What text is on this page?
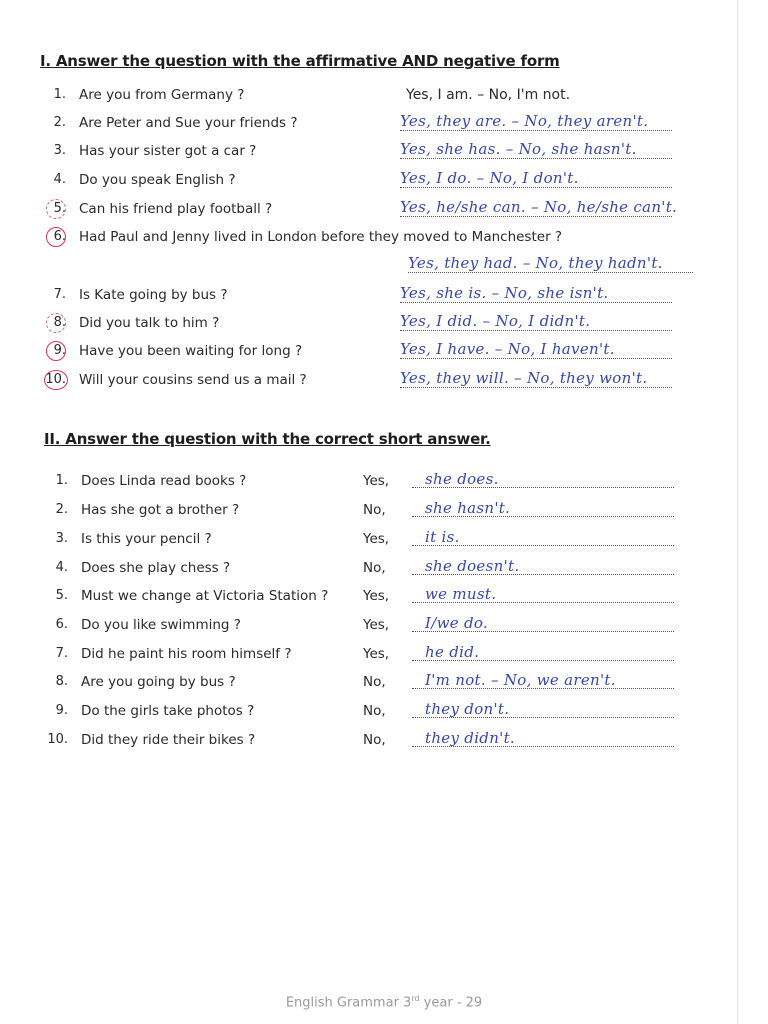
I. Answer the question with the affirmative AND negative form
1. Are you from Germany ?	Yes, I am. – No, I'm not.
2. Are Peter and Sue your friends ?	Yes, they are. – No, they aren't.
3. Has your sister got a car ?	Yes, she has. – No, she hasn't.
4. Do you speak English ?	Yes, I do. – No, I don't.
5. Can his friend play football ?	Yes, he/she can. – No, he/she can't.
6. Had Paul and Jenny lived in London before they moved to Manchester ?
Yes, they had. – No, they hadn't.
7. Is Kate going by bus ?	Yes, she is. – No, she isn't.
8. Did you talk to him ?	Yes, I did. – No, I didn't.
9. Have you been waiting for long ?	Yes, I have. – No, I haven't.
10. Will your cousins send us a mail ?	Yes, they will. – No, they won't.
II. Answer the question with the correct short answer.
1. Does Linda read books ?	Yes, she does.
2. Has she got a brother ?	No,	she hasn't.
3. Is this your pencil ?	Yes, it is.
4. Does she play chess ?	No,	she doesn't.
5. Must we change at Victoria Station ?	Yes, we must.
6. Do you like swimming ?	Yes, I/we do.
7. Did he paint his room himself ?	Yes, he did.
8. Are you going by bus ?	No,	I'm not. – No, we aren't.
9. Do the girls take photos ?	No,	they don't.
10. Did they ride their bikes ?	No,	they didn't.
English Grammar 3rd year - 29
